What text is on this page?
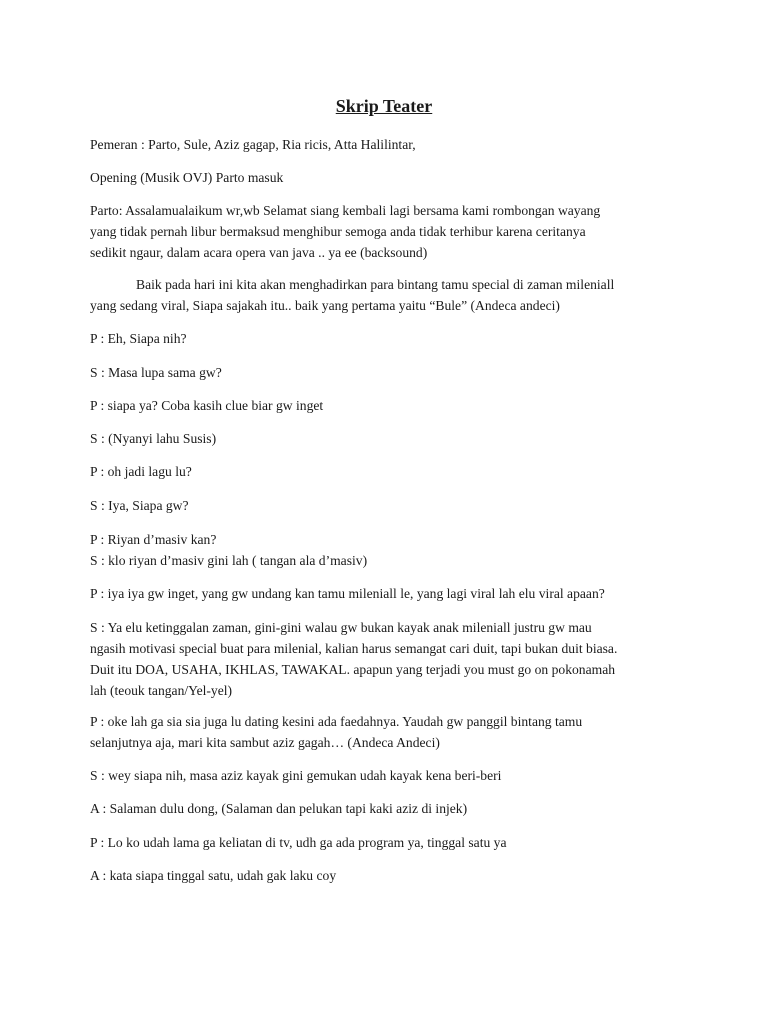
Skrip Teater
Pemeran : Parto, Sule, Aziz gagap, Ria ricis, Atta Halilintar,
Opening (Musik OVJ) Parto masuk
Parto: Assalamualaikum wr,wb Selamat siang kembali lagi bersama kami rombongan wayang
yang tidak pernah libur bermaksud menghibur semoga anda tidak terhibur karena ceritanya
sedikit ngaur, dalam acara opera van java .. ya ee (backsound)
Baik pada hari ini kita akan menghadirkan para bintang tamu special di zaman mileniall
yang sedang viral, Siapa sajakah itu.. baik yang pertama yaitu “Bule” (Andeca andeci)
P : Eh, Siapa nih?
S : Masa lupa sama gw?
P : siapa ya? Coba kasih clue biar gw inget
S : (Nyanyi lahu Susis)
P : oh jadi lagu lu?
S : Iya, Siapa gw?
P : Riyan d’masiv kan?
S : klo riyan d’masiv gini lah ( tangan ala d’masiv)
P : iya iya gw inget, yang gw undang kan tamu mileniall le, yang lagi viral lah elu viral apaan?
S : Ya elu ketinggalan zaman, gini-gini walau gw bukan kayak anak mileniall justru gw mau
ngasih motivasi special buat para milenial, kalian harus semangat cari duit, tapi bukan duit biasa.
Duit itu DOA, USAHA, IKHLAS, TAWAKAL. apapun yang terjadi you must go on pokonamah
lah (teouk tangan/Yel-yel)
P : oke lah ga sia sia juga lu dating kesini ada faedahnya. Yaudah gw panggil bintang tamu
selanjutnya aja, mari kita sambut aziz gagah… (Andeca Andeci)
S : wey siapa nih, masa aziz kayak gini gemukan udah kayak kena beri-beri
A : Salaman dulu dong, (Salaman dan pelukan tapi kaki aziz di injek)
P : Lo ko udah lama ga keliatan di tv, udh ga ada program ya, tinggal satu ya
A : kata siapa tinggal satu, udah gak laku coy
